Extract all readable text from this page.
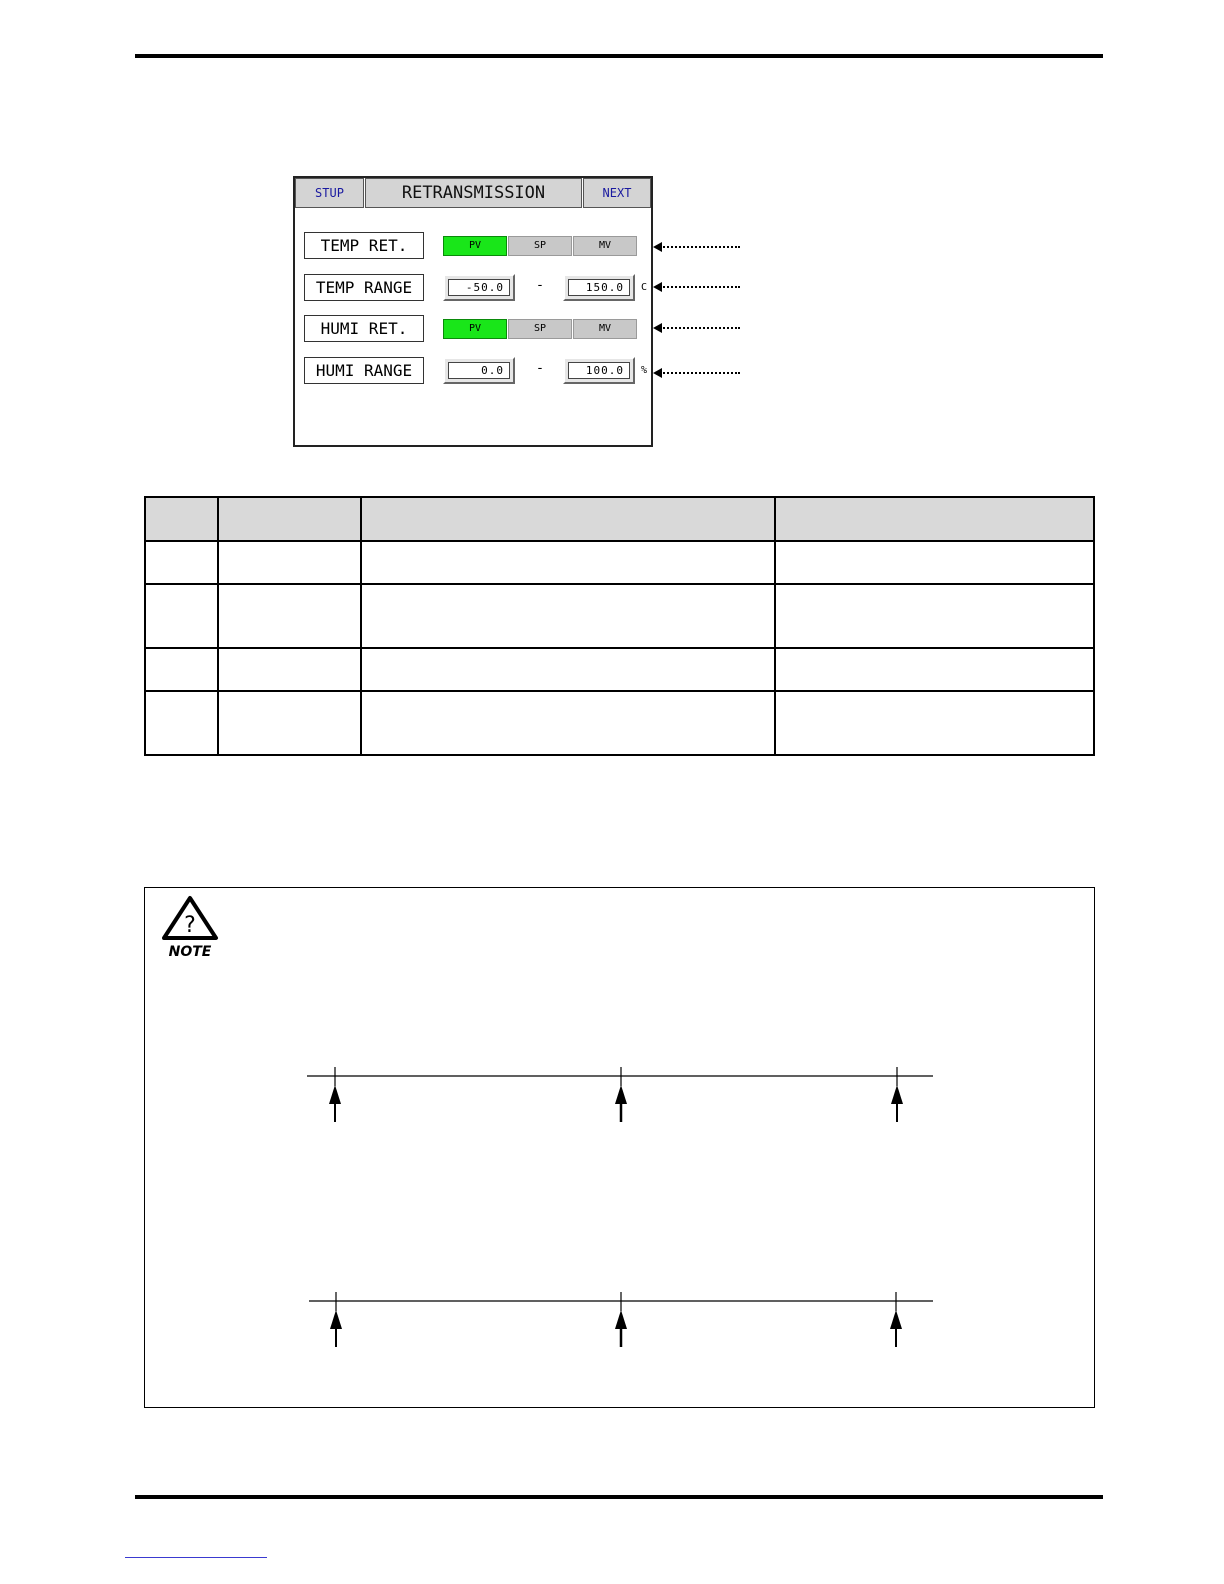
STUP	RETRANSMISSION	NEXT
TEMP RET.	PV	SP	MV
TEMP RANGE	-50.0	-	150.0	C
HUMI RET.	PV	SP	MV
HUMI RANGE	0.0	-	100.0	%

?
NOTE
